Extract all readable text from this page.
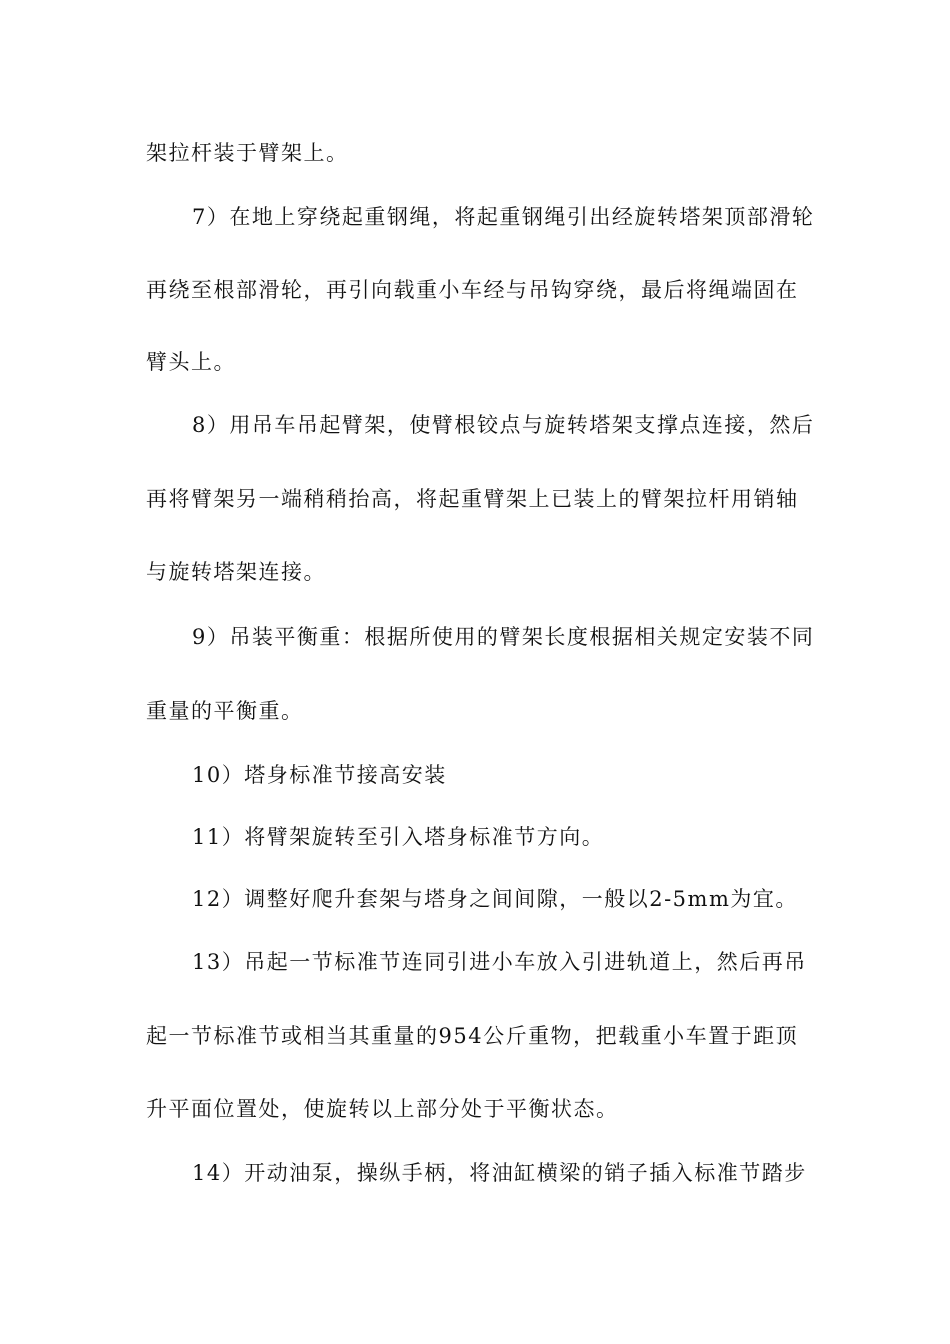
架拉杆装于臂架上。
7）在地上穿绕起重钢绳，将起重钢绳引出经旋转塔架顶部滑轮
再绕至根部滑轮，再引向载重小车经与吊钩穿绕，最后将绳端固在
臂头上。
8）用吊车吊起臂架，使臂根铰点与旋转塔架支撑点连接，然后
再将臂架另一端稍稍抬高，将起重臂架上已装上的臂架拉杆用销轴
与旋转塔架连接。
9）吊装平衡重：根据所使用的臂架长度根据相关规定安装不同
重量的平衡重。
10）塔身标准节接高安装
11）将臂架旋转至引入塔身标准节方向。
12）调整好爬升套架与塔身之间间隙，一般以2-5mm为宜。
13）吊起一节标准节连同引进小车放入引进轨道上，然后再吊
起一节标准节或相当其重量的954公斤重物，把载重小车置于距顶
升平面位置处，使旋转以上部分处于平衡状态。
14）开动油泵，操纵手柄，将油缸横梁的销子插入标准节踏步
